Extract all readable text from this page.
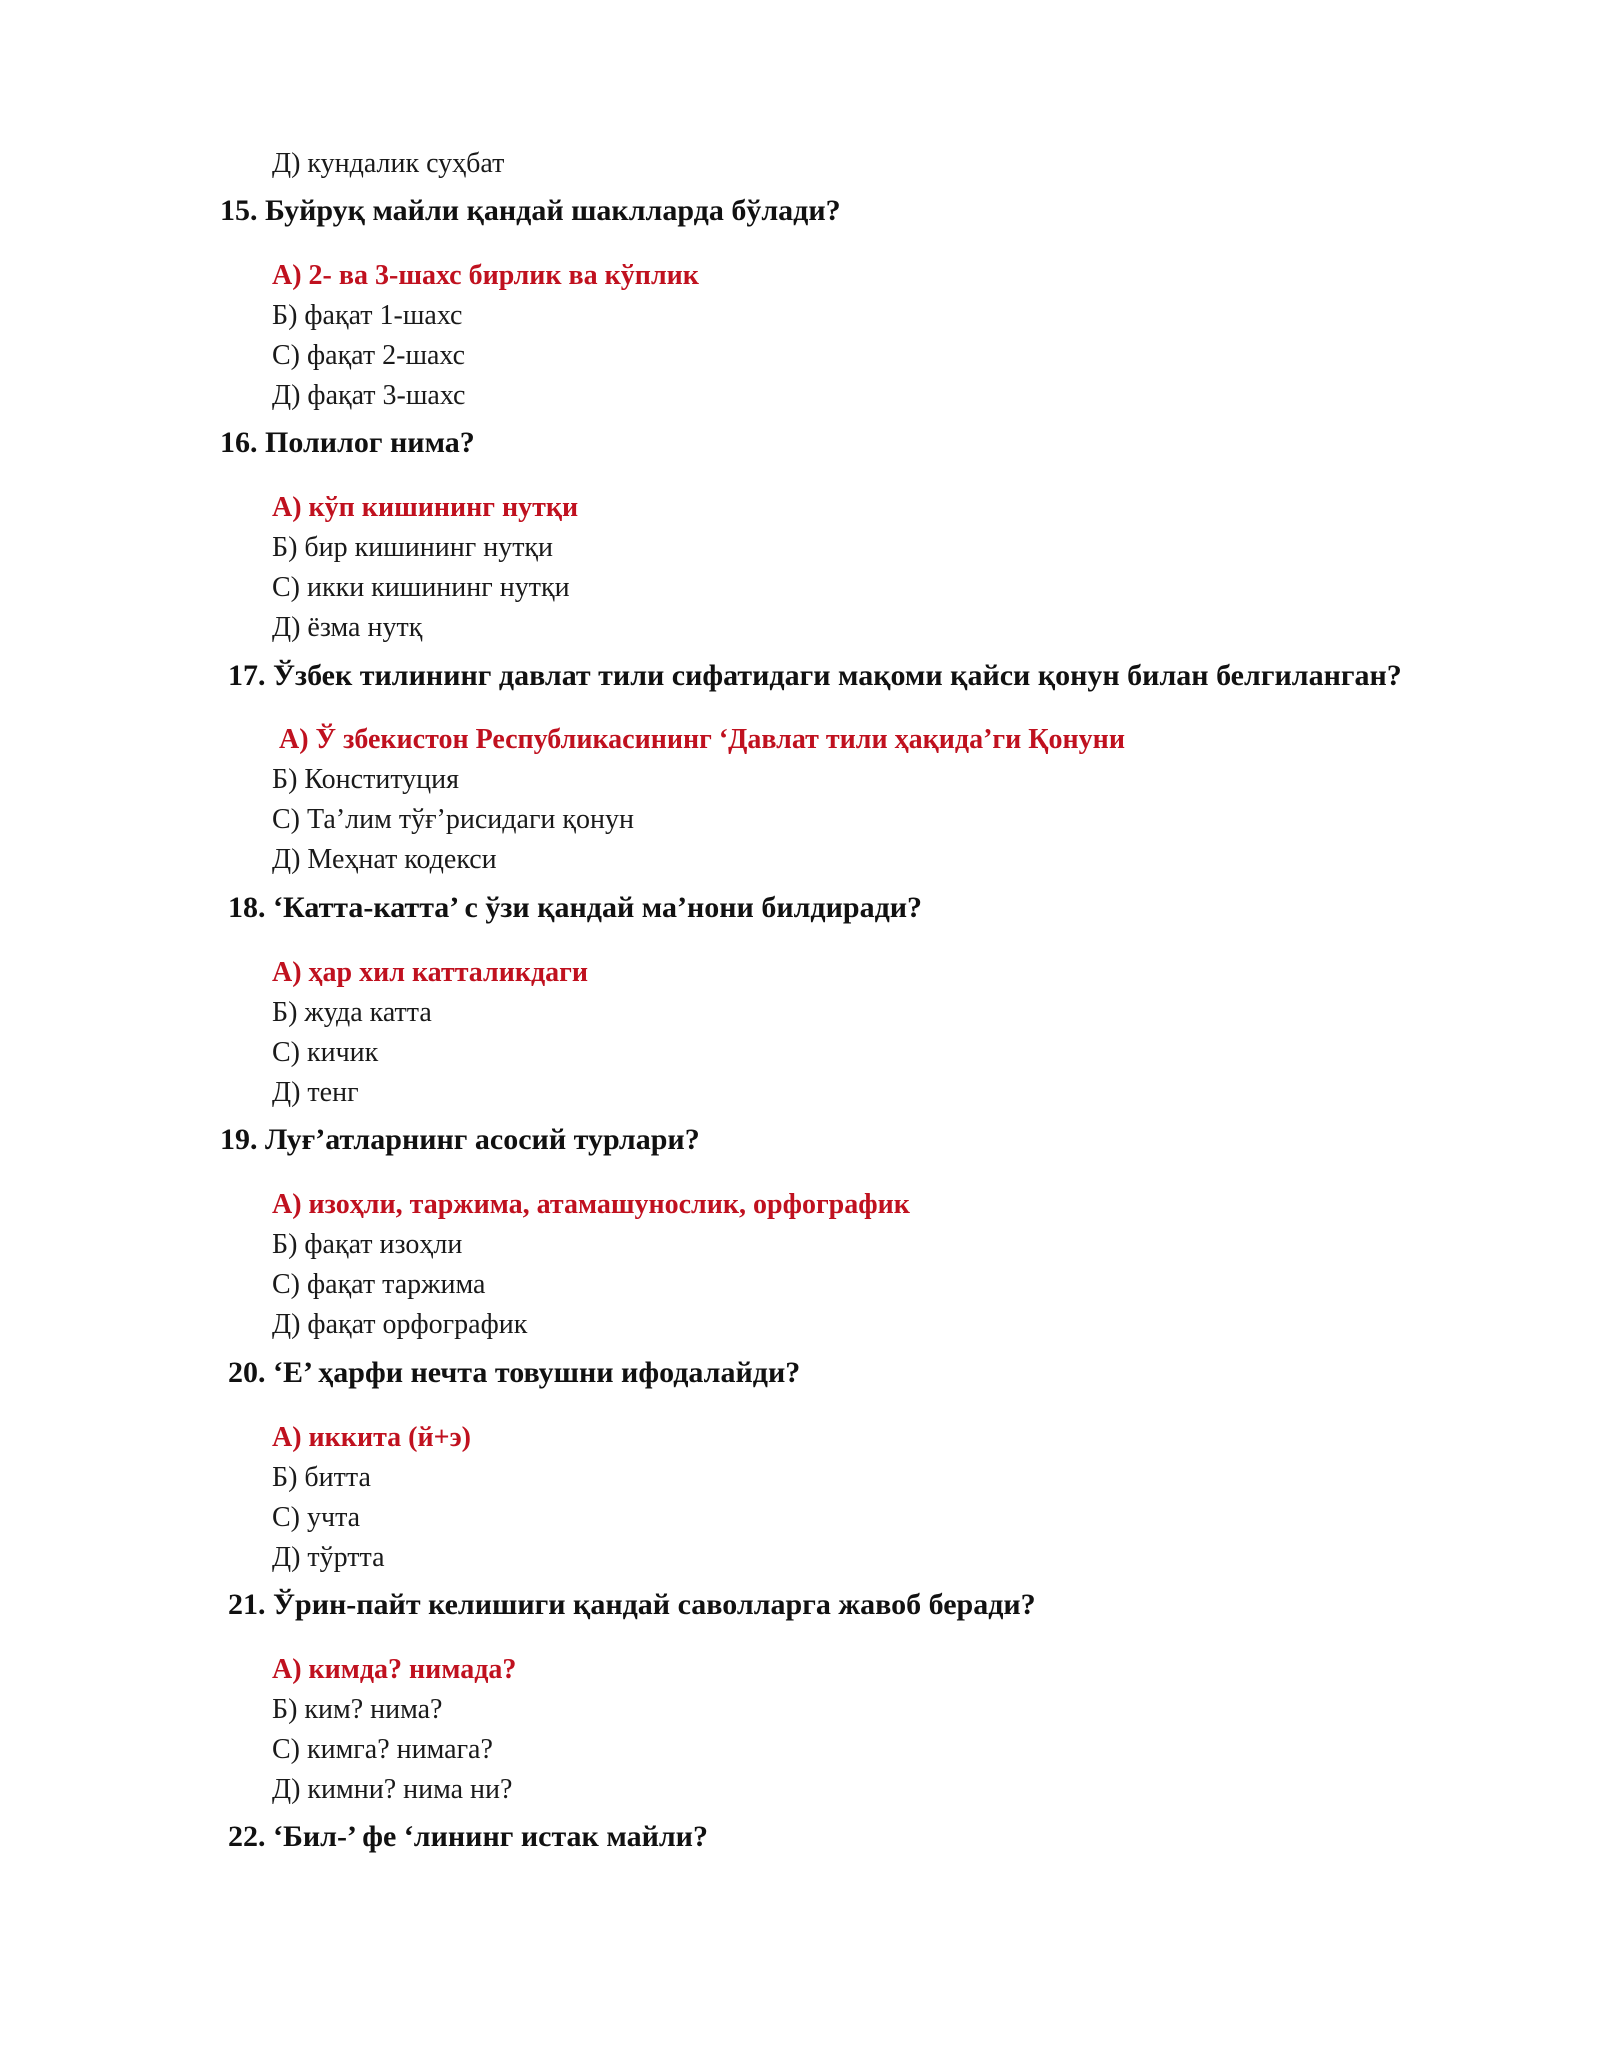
Д) кундалик суҳбат
15. Буйруқ майли қандай шаклларда бўлади?
А) 2- ва 3-шахс бирлик ва кўплик
Б) фақат 1-шахс
С) фақат 2-шахс
Д) фақат 3-шахс
16. Полилог нима?
А) кўп кишининг нутқи
Б) бир кишининг нутқи
С) икки кишининг нутқи
Д) ёзма нутқ
17. Ўзбек тилининг давлат тили сифатидаги мақоми қайси қонун билан белгиланган?
А) Ў збекистон Республикасининг ‘Давлат тили ҳақида’ги Қонуни
Б) Конституция
С) Та’лим тўғ’рисидаги қонун
Д) Меҳнат кодекси
18. ‘Катта-катта’ с ўзи қандай ма’нони билдиради?
А) ҳар хил катталикдаги
Б) жуда катта
С) кичик
Д) тенг
19. Луғ’атларнинг асосий турлари?
А) изоҳли, таржима, атамашунослик, орфографик
Б) фақат изоҳли
С) фақат таржима
Д) фақат орфографик
20. ‘Е’ ҳарфи нечта товушни ифодалайди?
А) иккита (й+э)
Б) битта
С) учта
Д) тўртта
21. Ўрин-пайт келишиги қандай саволларга жавоб беради?
А) кимда? нимада?
Б) ким? нима?
С) кимга? нимага?
Д) кимни? нима ни?
22. ‘Бил-’ фе ‘лининг истак майли?
